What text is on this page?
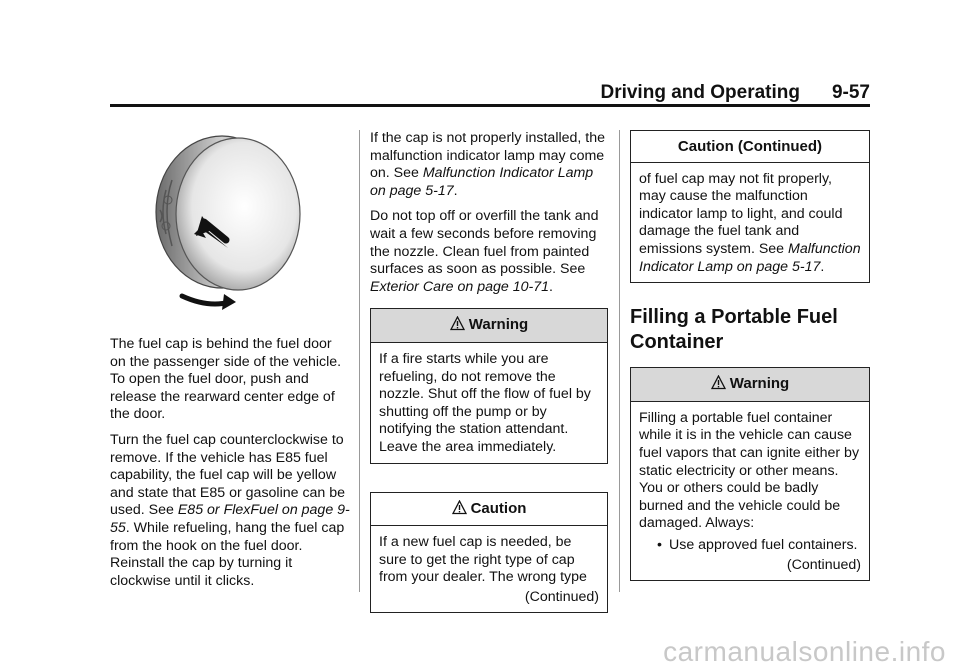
Driving and Operating 9-57

The fuel cap is behind the fuel door on the passenger side of the vehicle. To open the fuel door, push and release the rearward center edge of the door.

Turn the fuel cap counterclockwise to remove. If the vehicle has E85 fuel capability, the fuel cap will be yellow and state that E85 or gasoline can be used. See E85 or FlexFuel on page 9-55. While refueling, hang the fuel cap from the hook on the fuel door. Reinstall the cap by turning it clockwise until it clicks.

If the cap is not properly installed, the malfunction indicator lamp may come on. See Malfunction Indicator Lamp on page 5-17.

Do not top off or overfill the tank and wait a few seconds before removing the nozzle. Clean fuel from painted surfaces as soon as possible. See Exterior Care on page 10-71.

Warning

If a fire starts while you are refueling, do not remove the nozzle. Shut off the flow of fuel by shutting off the pump or by notifying the station attendant. Leave the area immediately.

Caution

If a new fuel cap is needed, be sure to get the right type of cap from your dealer. The wrong type

(Continued)
Caution (Continued)

of fuel cap may not fit properly, may cause the malfunction indicator lamp to light, and could damage the fuel tank and emissions system. See Malfunction Indicator Lamp on page 5-17.

Filling a Portable Fuel Container
Warning

Filling a portable fuel container while it is in the vehicle can cause fuel vapors that can ignite either by static electricity or other means. You or others could be badly burned and the vehicle could be damaged. Always:

• Use approved fuel containers.
(Continued)
carmanualsonline.info
